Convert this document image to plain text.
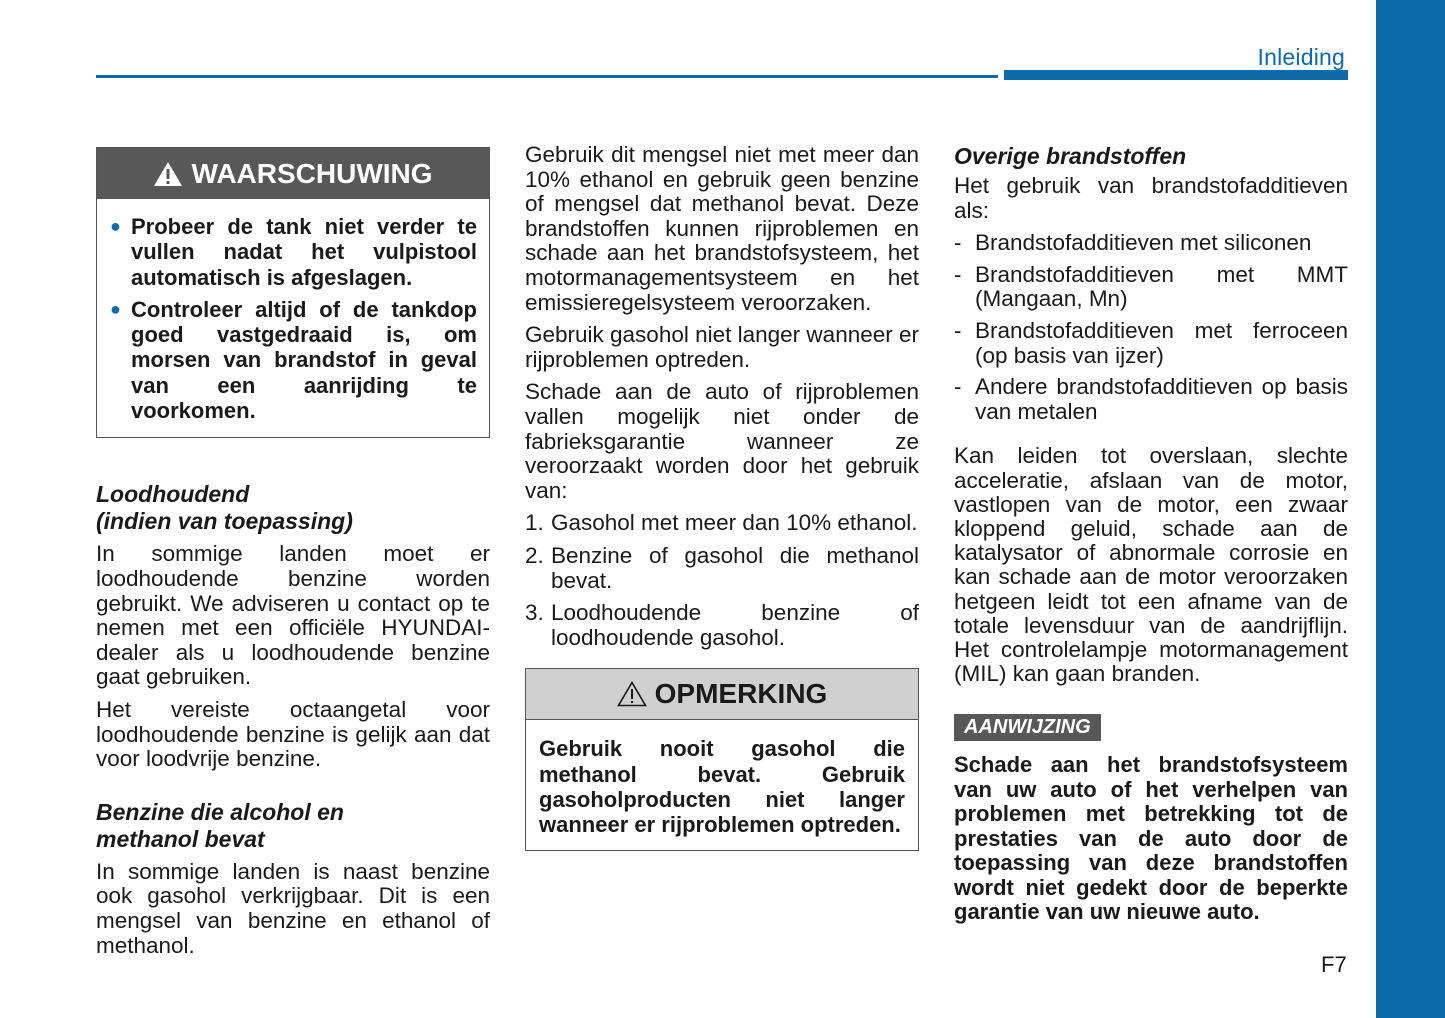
Inleiding
WAARSCHUWING
● Probeer de tank niet verder te vullen nadat het vulpistool automatisch is afgeslagen.
● Controleer altijd of de tankdop goed vastgedraaid is, om morsen van brandstof in geval van een aanrijding te voorkomen.
Loodhoudend
(indien van toepassing)

In sommige landen moet er loodhoudende benzine worden gebruikt. We adviseren u contact op te nemen met een officiële HYUNDAI-dealer als u loodhoudende benzine gaat gebruiken.

Het vereiste octaangetal voor loodhoudende benzine is gelijk aan dat voor loodvrije benzine.

Benzine die alcohol en
methanol bevat

In sommige landen is naast benzine ook gasohol verkrijgbaar. Dit is een mengsel van benzine en ethanol of methanol.

Gebruik dit mengsel niet met meer dan 10% ethanol en gebruik geen benzine of mengsel dat methanol bevat. Deze brandstoffen kunnen rijproblemen en schade aan het brandstofsysteem, het motormanagementsysteem en het emissieregelsysteem veroorzaken.

Gebruik gasohol niet langer wanneer er rijproblemen optreden.

Schade aan de auto of rijproblemen vallen mogelijk niet onder de fabrieksgarantie wanneer ze veroorzaakt worden door het gebruik van:

1. Gasohol met meer dan 10% ethanol.
2. Benzine of gasohol die methanol bevat.
3. Loodhoudende benzine of loodhoudende gasohol.
OPMERKING
Gebruik nooit gasohol die methanol bevat. Gebruik gasoholproducten niet langer wanneer er rijproblemen optreden.
Overige brandstoffen

Het gebruik van brandstofadditieven als:

- Brandstofadditieven met siliconen
- Brandstofadditieven met MMT (Mangaan, Mn)
- Brandstofadditieven met ferroceen (op basis van ijzer)
- Andere brandstofadditieven op basis van metalen

Kan leiden tot overslaan, slechte acceleratie, afslaan van de motor, vastlopen van de motor, een zwaar kloppend geluid, schade aan de katalysator of abnormale corrosie en kan schade aan de motor veroorzaken hetgeen leidt tot een afname van de totale levensduur van de aandrijflijn. Het controlelampje motormanagement (MIL) kan gaan branden.

AANWIJZING
Schade aan het brandstofsysteem van uw auto of het verhelpen van problemen met betrekking tot de prestaties van de auto door de toepassing van deze brandstoffen wordt niet gedekt door de beperkte garantie van uw nieuwe auto.
F7
